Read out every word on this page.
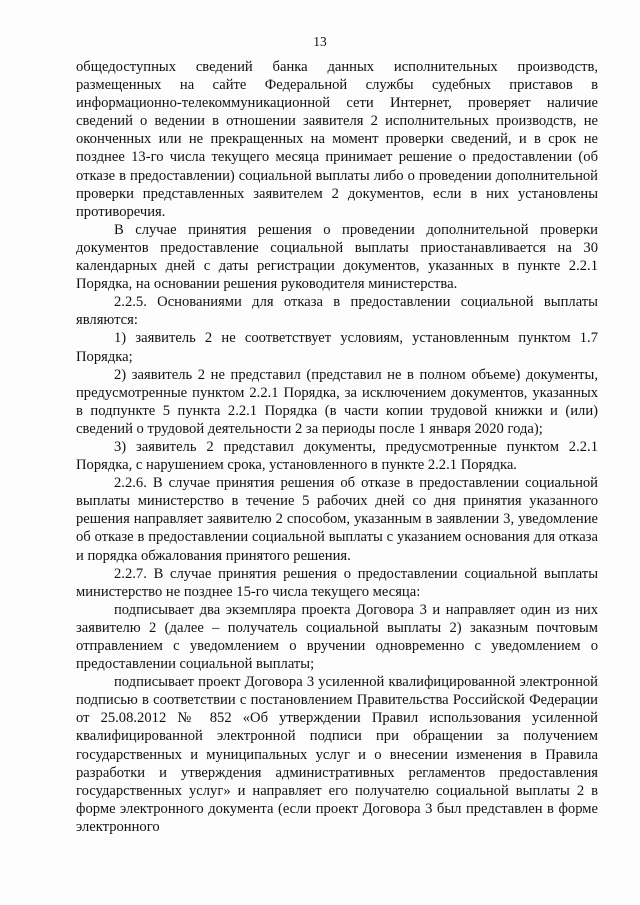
13

общедоступных сведений банка данных исполнительных производств, размещенных на сайте Федеральной службы судебных приставов в информационно-телекоммуникационной сети Интернет, проверяет наличие сведений о ведении в отношении заявителя 2 исполнительных производств, не оконченных или не прекращенных на момент проверки сведений, и в срок не позднее 13-го числа текущего месяца принимает решение о предоставлении (об отказе в предоставлении) социальной выплаты либо о проведении дополнительной проверки представленных заявителем 2 документов, если в них установлены противоречия.

В случае принятия решения о проведении дополнительной проверки документов предоставление социальной выплаты приостанавливается на 30 календарных дней с даты регистрации документов, указанных в пункте 2.2.1 Порядка, на основании решения руководителя министерства.

2.2.5. Основаниями для отказа в предоставлении социальной выплаты являются:

1) заявитель 2 не соответствует условиям, установленным пунктом 1.7 Порядка;

2) заявитель 2 не представил (представил не в полном объеме) документы, предусмотренные пунктом 2.2.1 Порядка, за исключением документов, указанных в подпункте 5 пункта 2.2.1 Порядка (в части копии трудовой книжки и (или) сведений о трудовой деятельности 2 за периоды после 1 января 2020 года);

3) заявитель 2 представил документы, предусмотренные пунктом 2.2.1 Порядка, с нарушением срока, установленного в пункте 2.2.1 Порядка.

2.2.6. В случае принятия решения об отказе в предоставлении социальной выплаты министерство в течение 5 рабочих дней со дня принятия указанного решения направляет заявителю 2 способом, указанным в заявлении 3, уведомление об отказе в предоставлении социальной выплаты с указанием основания для отказа и порядка обжалования принятого решения.

2.2.7. В случае принятия решения о предоставлении социальной выплаты министерство не позднее 15-го числа текущего месяца:

подписывает два экземпляра проекта Договора 3 и направляет один из них заявителю 2 (далее – получатель социальной выплаты 2) заказным почтовым отправлением с уведомлением о вручении одновременно с уведомлением о предоставлении социальной выплаты;

подписывает проект Договора 3 усиленной квалифицированной электронной подписью в соответствии с постановлением Правительства Российской Федерации от 25.08.2012 № 852 «Об утверждении Правил использования усиленной квалифицированной электронной подписи при обращении за получением государственных и муниципальных услуг и о внесении изменения в Правила разработки и утверждения административных регламентов предоставления государственных услуг» и направляет его получателю социальной выплаты 2 в форме электронного документа (если проект Договора 3 был представлен в форме электронного
